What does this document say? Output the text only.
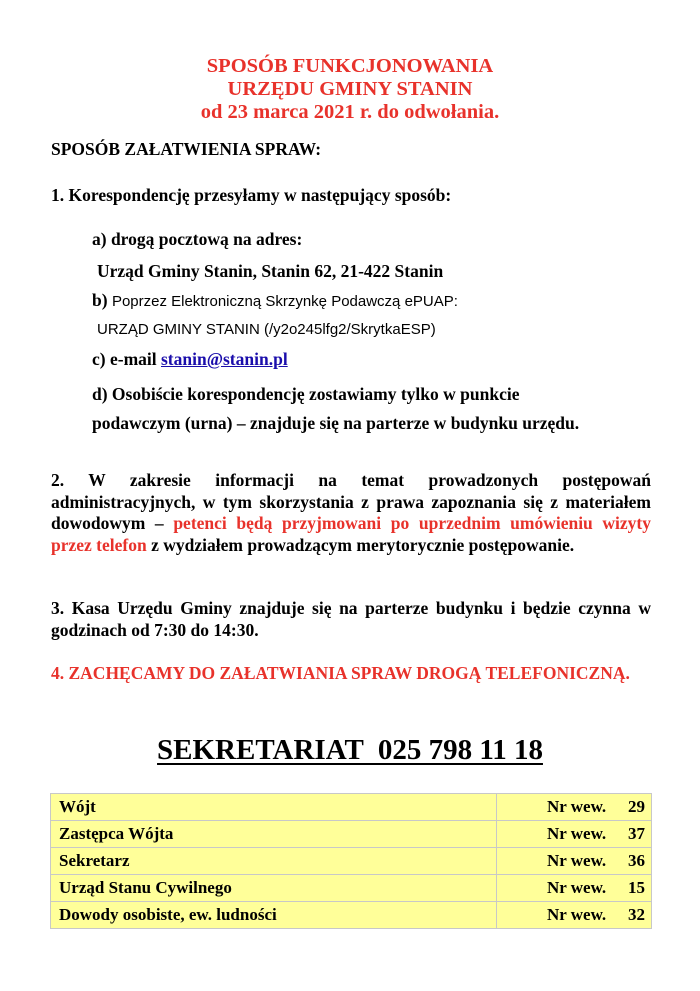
SPOSÓB FUNKCJONOWANIA
URZĘDU GMINY STANIN
od 23 marca 2021 r. do odwołania.
SPOSÓB ZAŁATWIENIA SPRAW:
1. Korespondencję przesyłamy w następujący sposób:
a) drogą pocztową na adres:
Urząd Gminy Stanin, Stanin 62, 21-422 Stanin
b) Poprzez Elektroniczną Skrzynkę Podawczą ePUAP:
URZĄD GMINY STANIN (/y2o245lfg2/SkrytkaESP)
c) e-mail stanin@stanin.pl
d) Osobiście korespondencję zostawiamy tylko w punkcie
podawczym (urna) – znajduje się na parterze w budynku urzędu.

2. W zakresie informacji na temat prowadzonych postępowań administracyjnych, w tym skorzystania z prawa zapoznania się z materiałem dowodowym – petenci będą przyjmowani po uprzednim umówieniu wizyty przez telefon z wydziałem prowadzącym merytorycznie postępowanie.

3. Kasa Urzędu Gminy znajduje się na parterze budynku i będzie czynna w godzinach od 7:30 do 14:30.

4. ZACHĘCAMY DO ZAŁATWIANIA SPRAW DROGĄ TELEFONICZNĄ.

SEKRETARIAT  025 798 11 18
Wójt	Nr wew. 29
Zastępca Wójta	Nr wew. 37
Sekretarz	Nr wew. 36
Urząd Stanu Cywilnego	Nr wew. 15
Dowody osobiste, ew. ludności	Nr wew. 32
